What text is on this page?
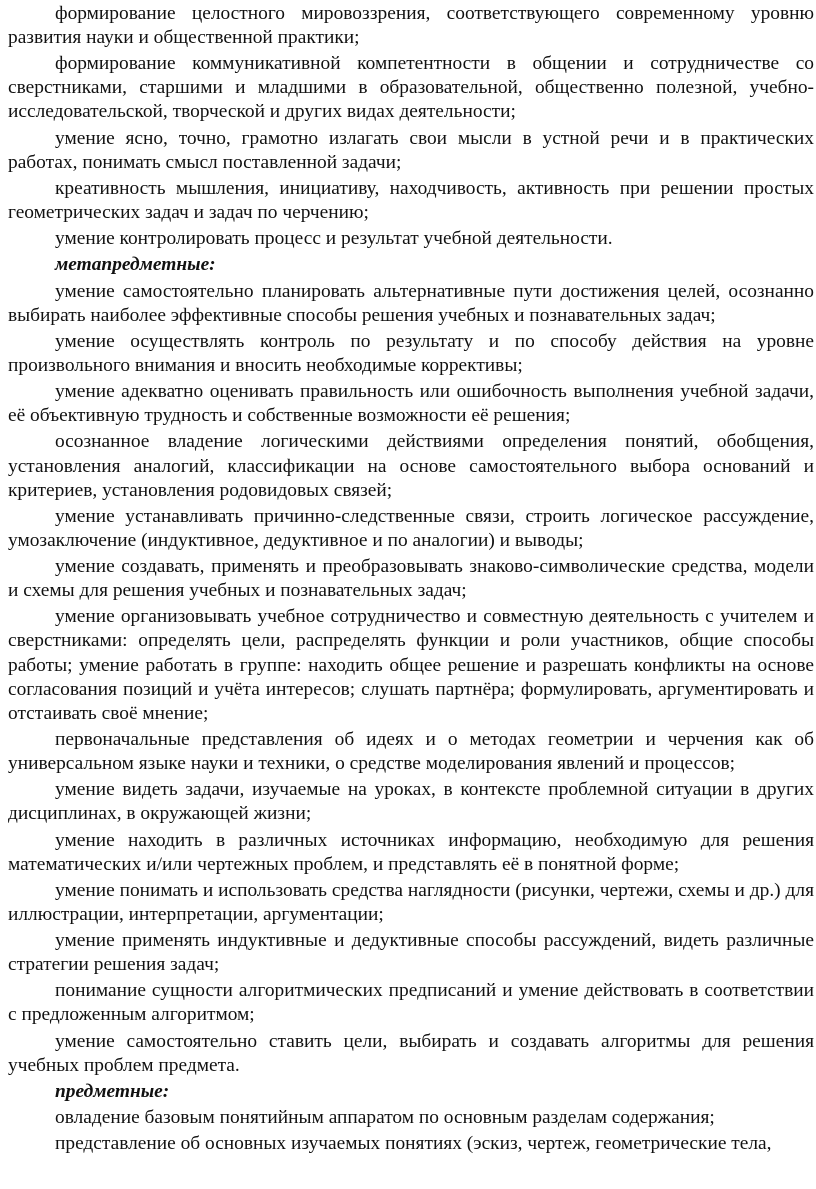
формирование целостного мировоззрения, соответствующего современному уровню развития науки и общественной практики;

формирование коммуникативной компетентности в общении и сотрудничестве со сверстниками, старшими и младшими в образовательной, общественно полезной, учебно-исследовательской, творческой и других видах деятельности;

умение ясно, точно, грамотно излагать свои мысли в устной речи и в практических работах, понимать смысл поставленной задачи;

креативность мышления, инициативу, находчивость, активность при решении простых геометрических задач и задач по черчению;

умение контролировать процесс и результат учебной деятельности.

метапредметные:

умение самостоятельно планировать альтернативные пути достижения целей, осознанно выбирать наиболее эффективные способы решения учебных и познавательных задач;

умение осуществлять контроль по результату и по способу действия на уровне произвольного внимания и вносить необходимые коррективы;

умение адекватно оценивать правильность или ошибочность выполнения учебной задачи, её объективную трудность и собственные возможности её решения;

осознанное владение логическими действиями определения понятий, обобщения, установления аналогий, классификации на основе самостоятельного выбора оснований и критериев, установления родовидовых связей;

умение устанавливать причинно-следственные связи, строить логическое рассуждение, умозаключение (индуктивное, дедуктивное и по аналогии) и выводы;

умение создавать, применять и преобразовывать знаково-символические средства, модели и схемы для решения учебных и познавательных задач;

умение организовывать учебное сотрудничество и совместную деятельность с учителем и сверстниками: определять цели, распределять функции и роли участников, общие способы работы; умение работать в группе: находить общее решение и разрешать конфликты на основе согласования позиций и учёта интересов; слушать партнёра; формулировать, аргументировать и отстаивать своё мнение;

первоначальные представления об идеях и о методах геометрии и черчения как об универсальном языке науки и техники, о средстве моделирования явлений и процессов;

умение видеть задачи, изучаемые на уроках, в контексте проблемной ситуации в других дисциплинах, в окружающей жизни;

умение находить в различных источниках информацию, необходимую для решения математических и/или чертежных проблем, и представлять её в понятной форме;

умение понимать и использовать средства наглядности (рисунки, чертежи, схемы и др.) для иллюстрации, интерпретации, аргументации;

умение применять индуктивные и дедуктивные способы рассуждений, видеть различные стратегии решения задач;

понимание сущности алгоритмических предписаний и умение действовать в соответствии с предложенным алгоритмом;

умение самостоятельно ставить цели, выбирать и создавать алгоритмы для решения учебных проблем предмета.

предметные:

овладение базовым понятийным аппаратом по основным разделам содержания;

представление об основных изучаемых понятиях (эскиз, чертеж, геометрические тела,
